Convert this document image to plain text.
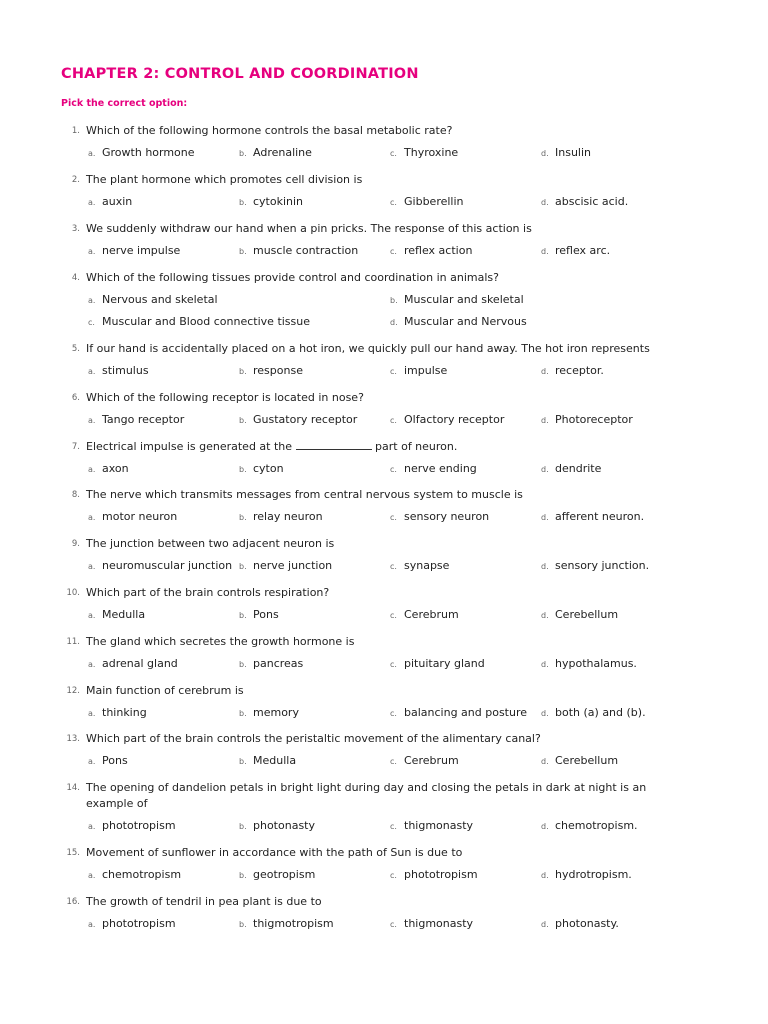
CHAPTER 2: CONTROL AND COORDINATION

Pick the correct option:

1. Which of the following hormone controls the basal metabolic rate?
a. Growth hormone	b. Adrenaline	c. Thyroxine	d. Insulin
2. The plant hormone which promotes cell division is
a. auxin	b. cytokinin	c. Gibberellin	d. abscisic acid.
3. We suddenly withdraw our hand when a pin pricks. The response of this action is
a. nerve impulse	b. muscle contraction	c. reflex action	d. reflex arc.
4. Which of the following tissues provide control and coordination in animals?
a. Nervous and skeletal	b. Muscular and skeletal
c. Muscular and Blood connective tissue	d. Muscular and Nervous
5. If our hand is accidentally placed on a hot iron, we quickly pull our hand away. The hot iron represents
a. stimulus	b. response	c. impulse	d. receptor.
6. Which of the following receptor is located in nose?
a. Tango receptor	b. Gustatory receptor	c. Olfactory receptor	d. Photoreceptor
7. Electrical impulse is generated at the	part of neuron.
a. axon	b. cyton	c. nerve ending	d. dendrite
8. The nerve which transmits messages from central nervous system to muscle is
a. motor neuron	b. relay neuron	c. sensory neuron	d. afferent neuron.
9. The junction between two adjacent neuron is
a. neuromuscular junction b. nerve junction	c. synapse	d. sensory junction.
10. Which part of the brain controls respiration?
a. Medulla	b. Pons	c. Cerebrum	d. Cerebellum
11. The gland which secretes the growth hormone is
a. adrenal gland	b. pancreas	c. pituitary gland	d. hypothalamus.
12. Main function of cerebrum is
a. thinking	b. memory	c. balancing and posture d. both (a) and (b).
13. Which part of the brain controls the peristaltic movement of the alimentary canal?
a. Pons	b. Medulla	c. Cerebrum	d. Cerebellum
14. The opening of dandelion petals in bright light during day and closing the petals in dark at night is an example of
a. phototropism	b. photonasty	c. thigmonasty	d. chemotropism.
15. Movement of sunflower in accordance with the path of Sun is due to
a. chemotropism	b. geotropism	c. phototropism	d. hydrotropism.
16. The growth of tendril in pea plant is due to
a. phototropism	b. thigmotropism	c. thigmonasty	d. photonasty.
